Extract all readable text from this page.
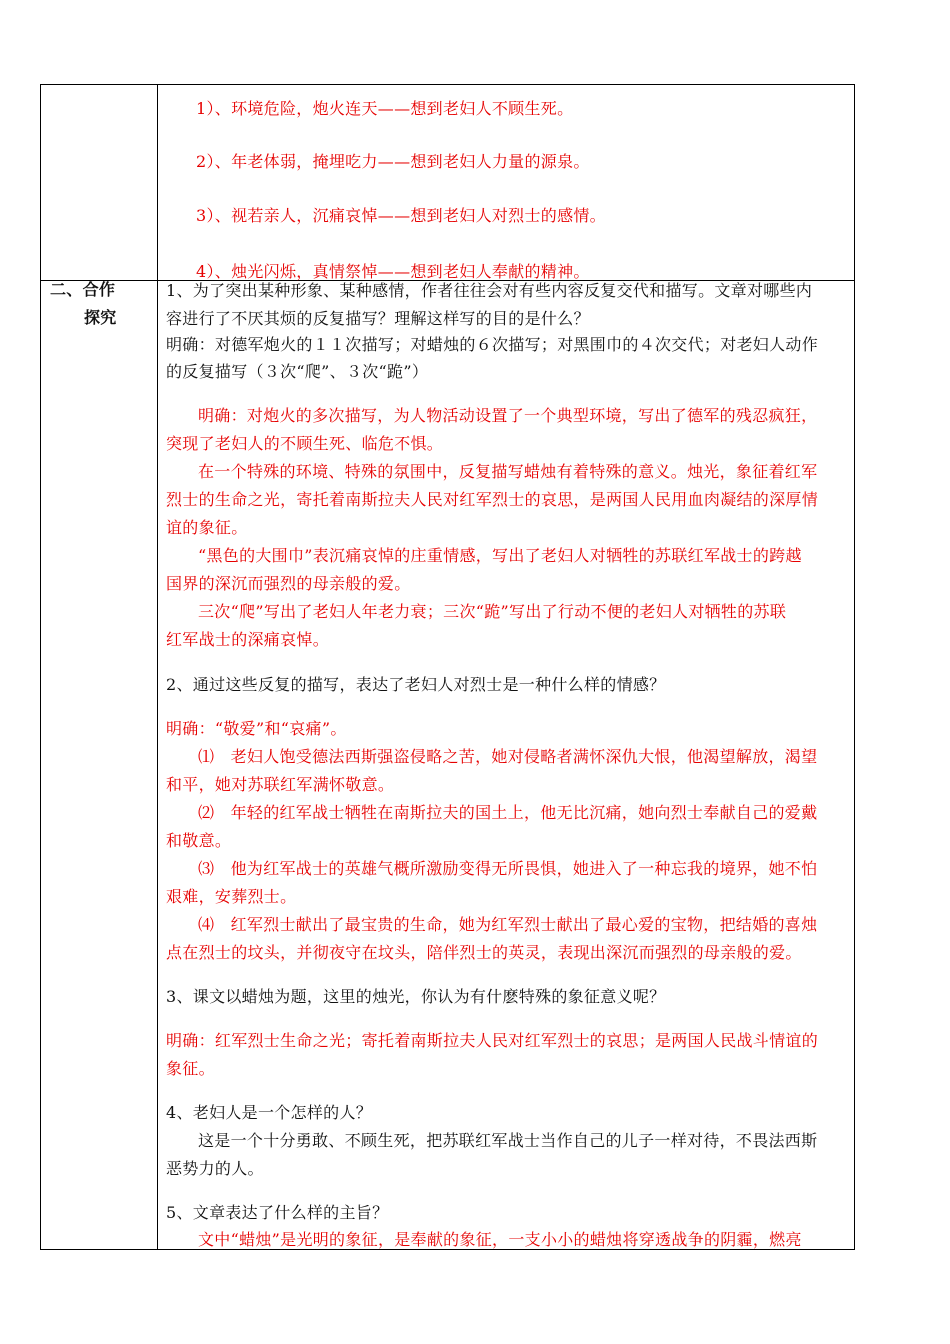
1）、环境危险，炮火连天——想到老妇人不顾生死。
2）、年老体弱，掩埋吃力——想到老妇人力量的源泉。
3）、视若亲人，沉痛哀悼——想到老妇人对烈士的感情。
4）、烛光闪烁，真情祭悼——想到老妇人奉献的精神。
二、合作
探究
1、为了突出某种形象、某种感情，作者往往会对有些内容反复交代和描写。文章对哪些内
容进行了不厌其烦的反复描写？理解这样写的目的是什么？
明确：对德军炮火的１１次描写；对蜡烛的６次描写；对黑围巾的４次交代；对老妇人动作
的反复描写（３次“爬”、３次“跪”）
明确：对炮火的多次描写，为人物活动设置了一个典型环境，写出了德军的残忍疯狂，
突现了老妇人的不顾生死、临危不惧。
在一个特殊的环境、特殊的氛围中，反复描写蜡烛有着特殊的意义。烛光，象征着红军
烈士的生命之光，寄托着南斯拉夫人民对红军烈士的哀思，是两国人民用血肉凝结的深厚情
谊的象征。
“黑色的大围巾”表沉痛哀悼的庄重情感，写出了老妇人对牺牲的苏联红军战士的跨越
国界的深沉而强烈的母亲般的爱。
三次“爬”写出了老妇人年老力衰；三次“跪”写出了行动不便的老妇人对牺牲的苏联
红军战士的深痛哀悼。
2、通过这些反复的描写，表达了老妇人对烈士是一种什么样的情感？
明确：“敬爱”和“哀痛”。
⑴　老妇人饱受德法西斯强盗侵略之苦，她对侵略者满怀深仇大恨，他渴望解放，渴望
和平，她对苏联红军满怀敬意。
⑵　年轻的红军战士牺牲在南斯拉夫的国土上，他无比沉痛，她向烈士奉献自己的爱戴
和敬意。
⑶　他为红军战士的英雄气概所激励变得无所畏惧，她进入了一种忘我的境界，她不怕
艰难，安葬烈士。
⑷　红军烈士献出了最宝贵的生命，她为红军烈士献出了最心爱的宝物，把结婚的喜烛
点在烈士的坟头，并彻夜守在坟头，陪伴烈士的英灵，表现出深沉而强烈的母亲般的爱。
3、课文以蜡烛为题，这里的烛光，你认为有什麽特殊的象征意义呢？
明确：红军烈士生命之光；寄托着南斯拉夫人民对红军烈士的哀思；是两国人民战斗情谊的
象征。
4、老妇人是一个怎样的人？
这是一个十分勇敢、不顾生死，把苏联红军战士当作自己的儿子一样对待，不畏法西斯
恶势力的人。
5、文章表达了什么样的主旨？
文中“蜡烛”是光明的象征，是奉献的象征，一支小小的蜡烛将穿透战争的阴霾，燃亮
